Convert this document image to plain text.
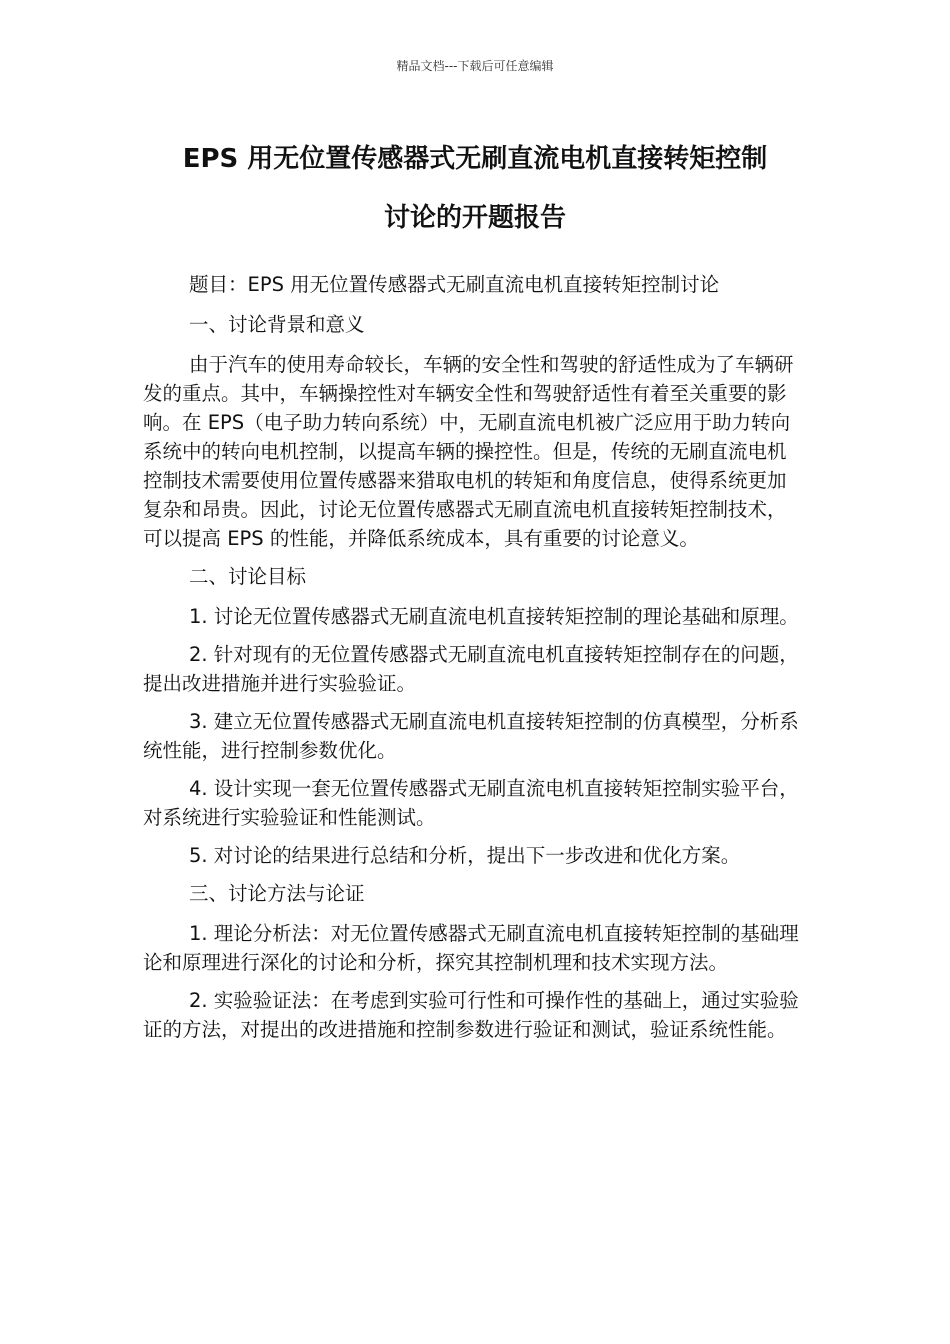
精品文档---下载后可任意编辑
EPS 用无位置传感器式无刷直流电机直接转矩控制
讨论的开题报告

题目：EPS 用无位置传感器式无刷直流电机直接转矩控制讨论

一、讨论背景和意义

由于汽车的使用寿命较长，车辆的安全性和驾驶的舒适性成为了车辆研发的重点。其中，车辆操控性对车辆安全性和驾驶舒适性有着至关重要的影响。在 EPS（电子助力转向系统）中，无刷直流电机被广泛应用于助力转向系统中的转向电机控制，以提高车辆的操控性。但是，传统的无刷直流电机控制技术需要使用位置传感器来猎取电机的转矩和角度信息，使得系统更加复杂和昂贵。因此，讨论无位置传感器式无刷直流电机直接转矩控制技术，可以提高 EPS 的性能，并降低系统成本，具有重要的讨论意义。

二、讨论目标

1. 讨论无位置传感器式无刷直流电机直接转矩控制的理论基础和原理。

2. 针对现有的无位置传感器式无刷直流电机直接转矩控制存在的问题，提出改进措施并进行实验验证。

3. 建立无位置传感器式无刷直流电机直接转矩控制的仿真模型，分析系统性能，进行控制参数优化。

4. 设计实现一套无位置传感器式无刷直流电机直接转矩控制实验平台，对系统进行实验验证和性能测试。

5. 对讨论的结果进行总结和分析，提出下一步改进和优化方案。

三、讨论方法与论证

1. 理论分析法：对无位置传感器式无刷直流电机直接转矩控制的基础理论和原理进行深化的讨论和分析，探究其控制机理和技术实现方法。

2. 实验验证法：在考虑到实验可行性和可操作性的基础上，通过实验验证的方法，对提出的改进措施和控制参数进行验证和测试，验证系统性能。
